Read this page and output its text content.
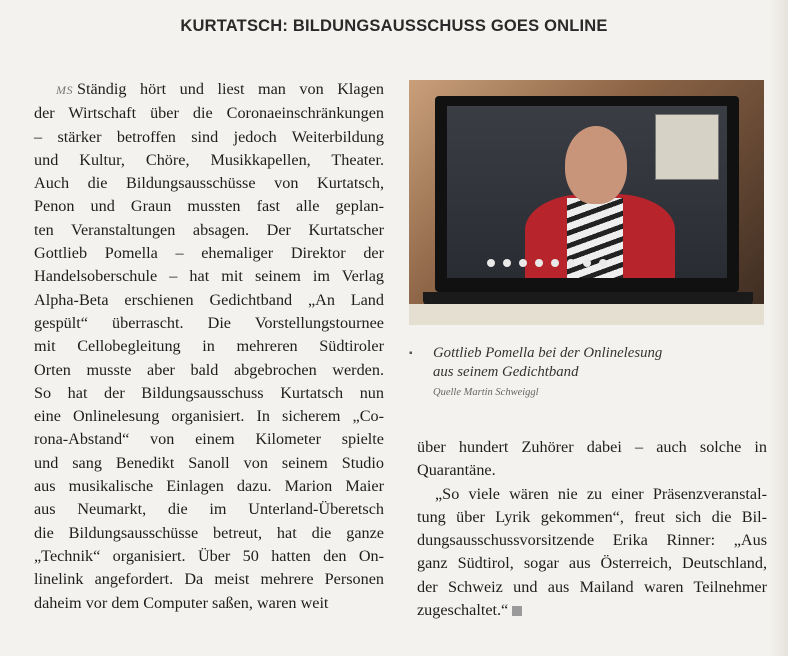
KURTATSCH: BILDUNGSAUSSCHUSS GOES ONLINE
MS Ständig hört und liest man von Klagen
der Wirtschaft über die Coronaeinschränkungen
– stärker betroffen sind jedoch Weiterbildung
und Kultur, Chöre, Musikkapellen, Theater.
Auch die Bildungsausschüsse von Kurtatsch,
Penon und Graun mussten fast alle geplan-
ten Veranstaltungen absagen. Der Kurtatscher
Gottlieb Pomella – ehemaliger Direktor der
Handelsoberschule – hat mit seinem im Verlag
Alpha-Beta erschienen Gedichtband „An Land
gespült“ überrascht. Die Vorstellungstournee
mit Cellobegleitung in mehreren Südtiroler
Orten musste aber bald abgebrochen werden.
So hat der Bildungsausschuss Kurtatsch nun
eine Onlinelesung organisiert. In sicherem „Co-
rona-Abstand“ von einem Kilometer spielte
und sang Benedikt Sanoll von seinem Studio
aus musikalische Einlagen dazu. Marion Maier
aus Neumarkt, die im Unterland-Überetsch
die Bildungsausschüsse betreut, hat die ganze
„Technik“ organisiert. Über 50 hatten den On-
linelink angefordert. Da meist mehrere Personen
daheim vor dem Computer saßen, waren weit
▪	Gottlieb Pomella bei der Onlinelesung
aus seinem Gedichtband
Quelle Martin Schweiggl
über hundert Zuhörer dabei – auch solche in
Quarantäne.
„So viele wären nie zu einer Präsenzveranstal-
tung über Lyrik gekommen“, freut sich die Bil-
dungsausschussvorsitzende Erika Rinner: „Aus
ganz Südtirol, sogar aus Österreich, Deutschland,
der Schweiz und aus Mailand waren Teilnehmer
zugeschaltet.“
